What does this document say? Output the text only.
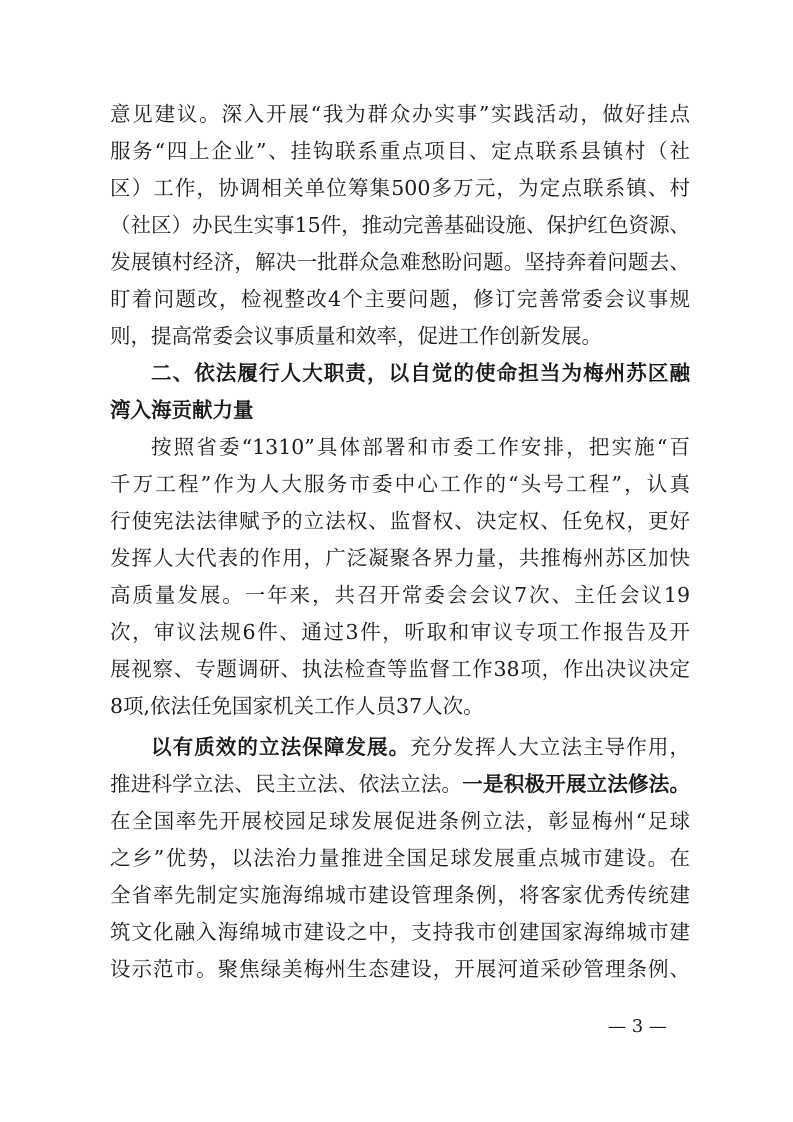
意见建议。深入开展“我为群众办实事”实践活动，做好挂点
服务“四上企业”、挂钩联系重点项目、定点联系县镇村（社
区）工作，协调相关单位筹集500多万元，为定点联系镇、村
（社区）办民生实事15件，推动完善基础设施、保护红色资源、
发展镇村经济，解决一批群众急难愁盼问题。坚持奔着问题去、
盯着问题改，检视整改4个主要问题，修订完善常委会议事规
则，提高常委会议事质量和效率，促进工作创新发展。
二、依法履行人大职责，以自觉的使命担当为梅州苏区融
湾入海贡献力量
按照省委“1310”具体部署和市委工作安排，把实施“百
千万工程”作为人大服务市委中心工作的“头号工程”，认真
行使宪法法律赋予的立法权、监督权、决定权、任免权，更好
发挥人大代表的作用，广泛凝聚各界力量，共推梅州苏区加快
高质量发展。一年来，共召开常委会会议7次、主任会议19
次，审议法规6件、通过3件，听取和审议专项工作报告及开
展视察、专题调研、执法检查等监督工作38项，作出决议决定
8项,依法任免国家机关工作人员37人次。
以有质效的立法保障发展。充分发挥人大立法主导作用，
推进科学立法、民主立法、依法立法。一是积极开展立法修法。
在全国率先开展校园足球发展促进条例立法，彰显梅州“足球
之乡”优势，以法治力量推进全国足球发展重点城市建设。在
全省率先制定实施海绵城市建设管理条例，将客家优秀传统建
筑文化融入海绵城市建设之中，支持我市创建国家海绵城市建
设示范市。聚焦绿美梅州生态建设，开展河道采砂管理条例、
— 3 —
